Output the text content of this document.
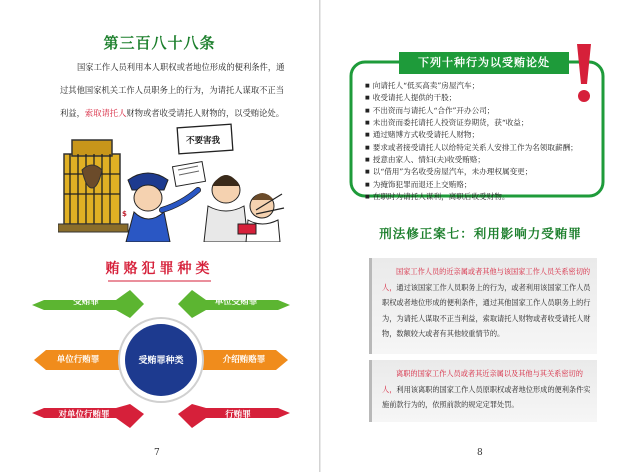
第三百八十八条

国家工作人员利用本人职权或者地位形成的便利条件，通过其他国家机关工作人员职务上的行为，为请托人谋取不正当利益，索取请托人财物或者收受请托人财物的，以受贿论处。

$
不要害我
贿赂犯罪种类
受贿罪
单位行贿罪
对单位行贿罪
单位受贿罪
介绍贿赂罪
行贿罪
受贿罪种类
7
下列十种行为以受贿论处
■ 向请托人“低买高卖”房屋汽车；
■ 收受请托人提供的干股；
■ 不出资而与请托人“合作”开办公司；
■ 未出资而委托请托人投资证券期货，获“收益；
■ 通过赌博方式收受请托人财物；
■ 要求或者接受请托人以给特定关系人安排工作为名领取薪酬；
■ 授意由家人、情妇(夫)收受贿赂；
■ 以“借用”为名收受房屋汽车，未办理权属变更；
■ 为掩饰犯罪而退还上交贿赂；
■ 在职时为请托人谋利，离职后收受财物。
刑法修正案七：利用影响力受贿罪

国家工作人员的近亲属或者其他与该国家工作人员关系密切的人，通过该国家工作人员职务上的行为，或者利用该国家工作人员职权或者地位形成的便利条件，通过其他国家工作人员职务上的行为，为请托人谋取不正当利益，索取请托人财物或者收受请托人财物，数额较大或者有其他较重情节的。

离职的国家工作人员或者其近亲属以及其他与其关系密切的人，利用该离职的国家工作人员原职权或者地位形成的便利条件实施前款行为的，依照前款的规定定罪处罚。

8
